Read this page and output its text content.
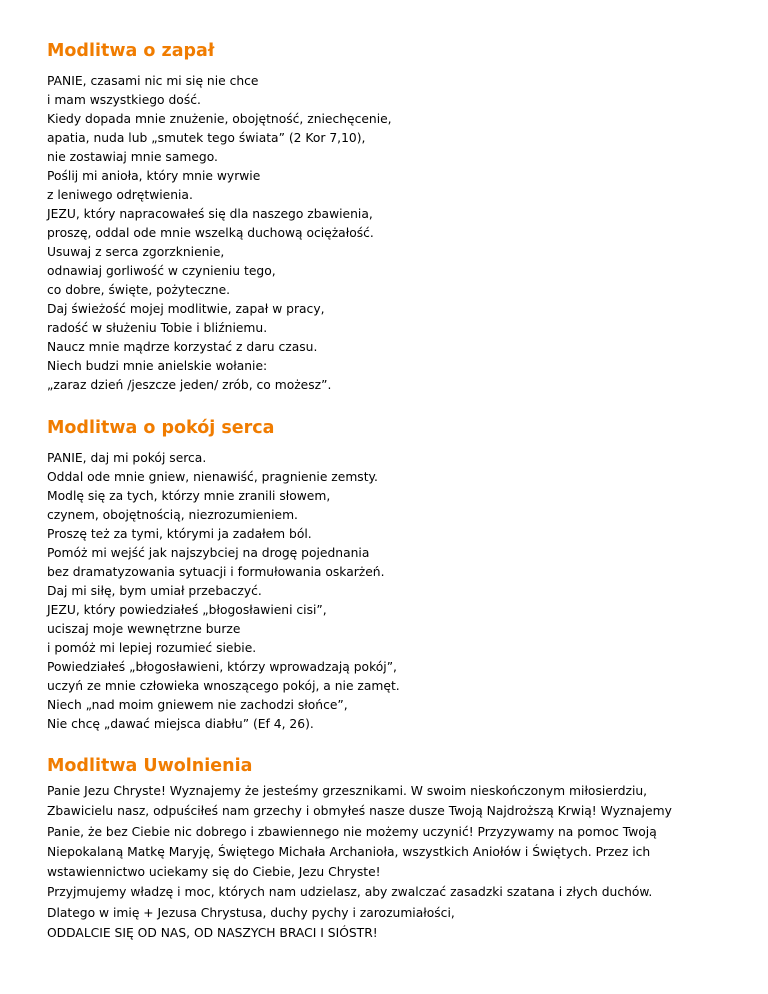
Modlitwa o zapał
PANIE, czasami nic mi się nie chce
i mam wszystkiego dość.
Kiedy dopada mnie znużenie, obojętność, zniechęcenie,
apatia, nuda lub „smutek tego świata” (2 Kor 7,10),
nie zostawiaj mnie samego.
Poślij mi anioła, który mnie wyrwie
z leniwego odrętwienia.
JEZU, który napracowałeś się dla naszego zbawienia,
proszę, oddal ode mnie wszelką duchową ociężałość.
Usuwaj z serca zgorzknienie,
odnawiaj gorliwość w czynieniu tego,
co dobre, święte, pożyteczne.
Daj świeżość mojej modlitwie, zapał w pracy,
radość w służeniu Tobie i bliźniemu.
Naucz mnie mądrze korzystać z daru czasu.
Niech budzi mnie anielskie wołanie:
„zaraz dzień /jeszcze jeden/ zrób, co możesz”.
Modlitwa o pokój serca
PANIE, daj mi pokój serca.
Oddal ode mnie gniew, nienawiść, pragnienie zemsty.
Modlę się za tych, którzy mnie zranili słowem,
czynem, obojętnością, niezrozumieniem.
Proszę też za tymi, którymi ja zadałem ból.
Pomóż mi wejść jak najszybciej na drogę pojednania
bez dramatyzowania sytuacji i formułowania oskarżeń.
Daj mi siłę, bym umiał przebaczyć.
JEZU, który powiedziałeś „błogosławieni cisi”,
uciszaj moje wewnętrzne burze
i pomóż mi lepiej rozumieć siebie.
Powiedziałeś „błogosławieni, którzy wprowadzają pokój”,
uczyń ze mnie człowieka wnoszącego pokój, a nie zamęt.
Niech „nad moim gniewem nie zachodzi słońce”,
Nie chcę „dawać miejsca diabłu” (Ef 4, 26).
Modlitwa Uwolnienia
Panie Jezu Chryste! Wyznajemy że jesteśmy grzesznikami. W swoim nieskończonym miłosierdziu,
Zbawicielu nasz, odpuściłeś nam grzechy i obmyłeś nasze dusze Twoją Najdroższą Krwią! Wyznajemy
Panie, że bez Ciebie nic dobrego i zbawiennego nie możemy uczynić! Przyzywamy na pomoc Twoją
Niepokalaną Matkę Maryję, Świętego Michała Archanioła, wszystkich Aniołów i Świętych. Przez ich
wstawiennictwo uciekamy się do Ciebie, Jezu Chryste!
Przyjmujemy władzę i moc, których nam udzielasz, aby zwalczać zasadzki szatana i złych duchów.
Dlatego w imię + Jezusa Chrystusa, duchy pychy i zarozumiałości,
ODDALCIE SIĘ OD NAS, OD NASZYCH BRACI I SIÓSTR!
